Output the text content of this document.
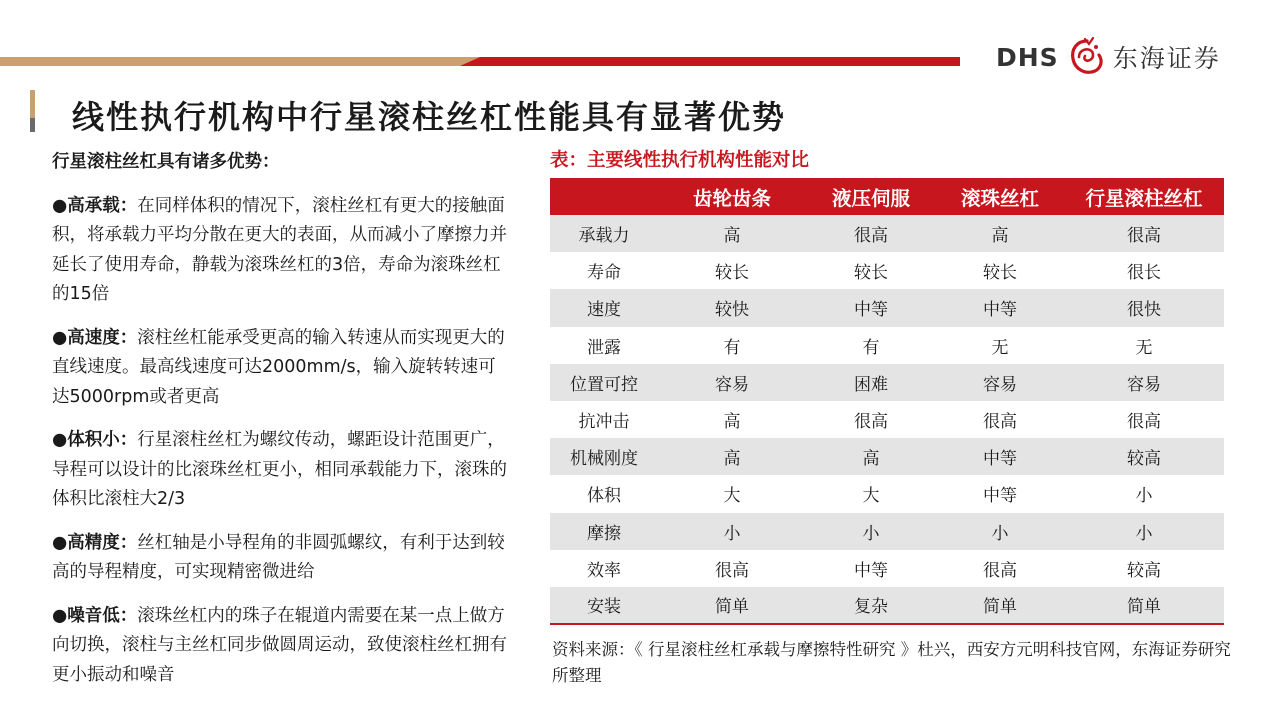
DHS 东海证券
线性执行机构中行星滚柱丝杠性能具有显著优势

行星滚柱丝杠具有诸多优势：

●高承载：在同样体积的情况下，滚柱丝杠有更大的接触面积，将承载力平均分散在更大的表面，从而减小了摩擦力并延长了使用寿命，静载为滚珠丝杠的3倍，寿命为滚珠丝杠的15倍

●高速度：滚柱丝杠能承受更高的输入转速从而实现更大的直线速度。最高线速度可达2000mm/s，输入旋转转速可达5000rpm或者更高

●体积小：行星滚柱丝杠为螺纹传动，螺距设计范围更广，导程可以设计的比滚珠丝杠更小，相同承载能力下，滚珠的体积比滚柱大2/3

●高精度：丝杠轴是小导程角的非圆弧螺纹，有利于达到较高的导程精度，可实现精密微进给

●噪音低：滚珠丝杠内的珠子在辊道内需要在某一点上做方向切换，滚柱与主丝杠同步做圆周运动，致使滚柱丝杠拥有更小振动和噪音

表：主要线性执行机构性能对比
	齿轮齿条	液压伺服	滚珠丝杠	行星滚柱丝杠
承载力	高	很高	高	很高
寿命	较长	较长	较长	很长
速度	较快	中等	中等	很快
泄露	有	有	无	无
位置可控	容易	困难	容易	容易
抗冲击	高	很高	很高	很高
机械刚度	高	高	中等	较高
体积	大	大	中等	小
摩擦	小	小	小	小
效率	很高	中等	很高	较高
安装	简单	复杂	简单	简单

资料来源：《 行星滚柱丝杠承载与摩擦特性研究 》杜兴，西安方元明科技官网，东海证券研究所整理
